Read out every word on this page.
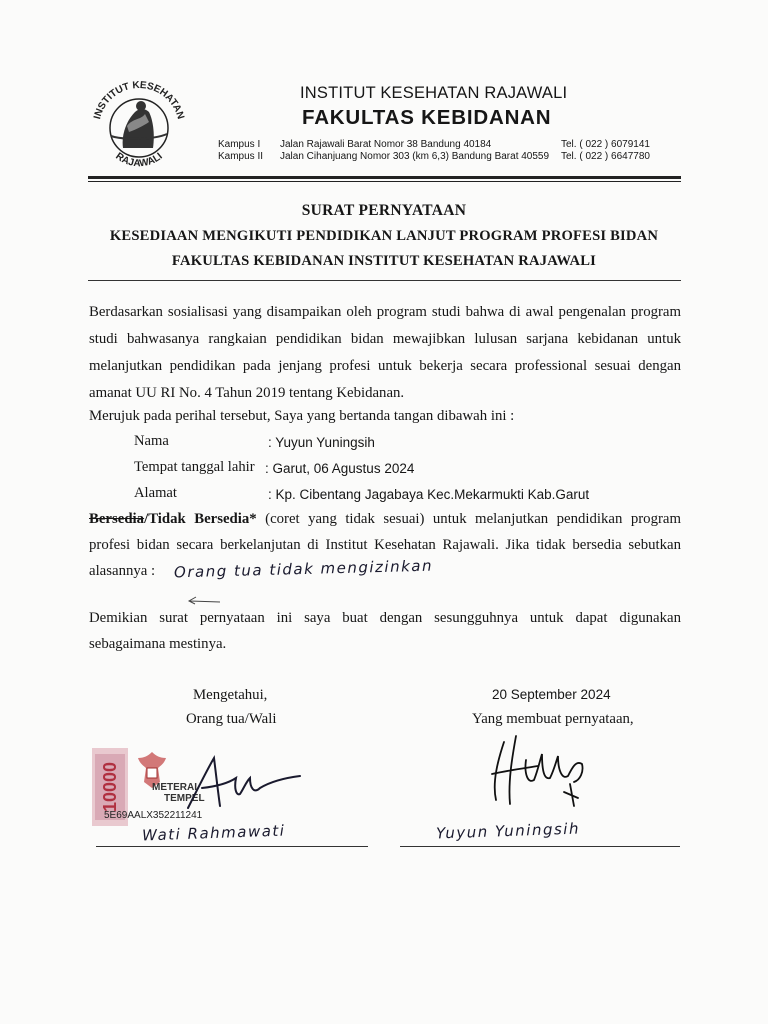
INSTITUT KESEHATAN
RAJAWALI
INSTITUT KESEHATAN RAJAWALI
FAKULTAS KEBIDANAN
Kampus I Jalan Rajawali Barat Nomor 38 Bandung 40184	Tel. ( 022 ) 6079141
Kampus II Jalan Cihanjuang Nomor 303 (km 6,3) Bandung Barat 40559 Tel. ( 022 ) 6647780
SURAT PERNYATAAN
KESEDIAAN MENGIKUTI PENDIDIKAN LANJUT PROGRAM PROFESI BIDAN
FAKULTAS KEBIDANAN INSTITUT KESEHATAN RAJAWALI
Berdasarkan sosialisasi yang disampaikan oleh program studi bahwa di awal pengenalan program
studi bahwasanya rangkaian pendidikan bidan mewajibkan lulusan sarjana kebidanan untuk
melanjutkan pendidikan pada jenjang profesi untuk bekerja secara professional sesuai dengan
amanat UU RI No. 4 Tahun 2019 tentang Kebidanan.
Merujuk pada perihal tersebut, Saya yang bertanda tangan dibawah ini :
Nama	: Yuyun Yuningsih
Tempat tanggal lahir : Garut, 06 Agustus 2024
Alamat	: Kp. Cibentang Jagabaya Kec.Mekarmukti Kab.Garut
Bersedia/Tidak Bersedia* (coret yang tidak sesuai) untuk melanjutkan pendidikan program
profesi bidan secara berkelanjutan di Institut Kesehatan Rajawali. Jika tidak bersedia sebutkan
alasannya : Orang tua tidak mengizinkan
Demikian surat pernyataan ini saya buat dengan sesungguhnya untuk dapat digunakan
sebagaimana mestinya.
Mengetahui,
Orang tua/Wali
20 September 2024
Yang membuat pernyataan,
10000	METERAI
TEMPEL
5E69AALX352211241
Wati Rahmawati	Yuyun Yuningsih
